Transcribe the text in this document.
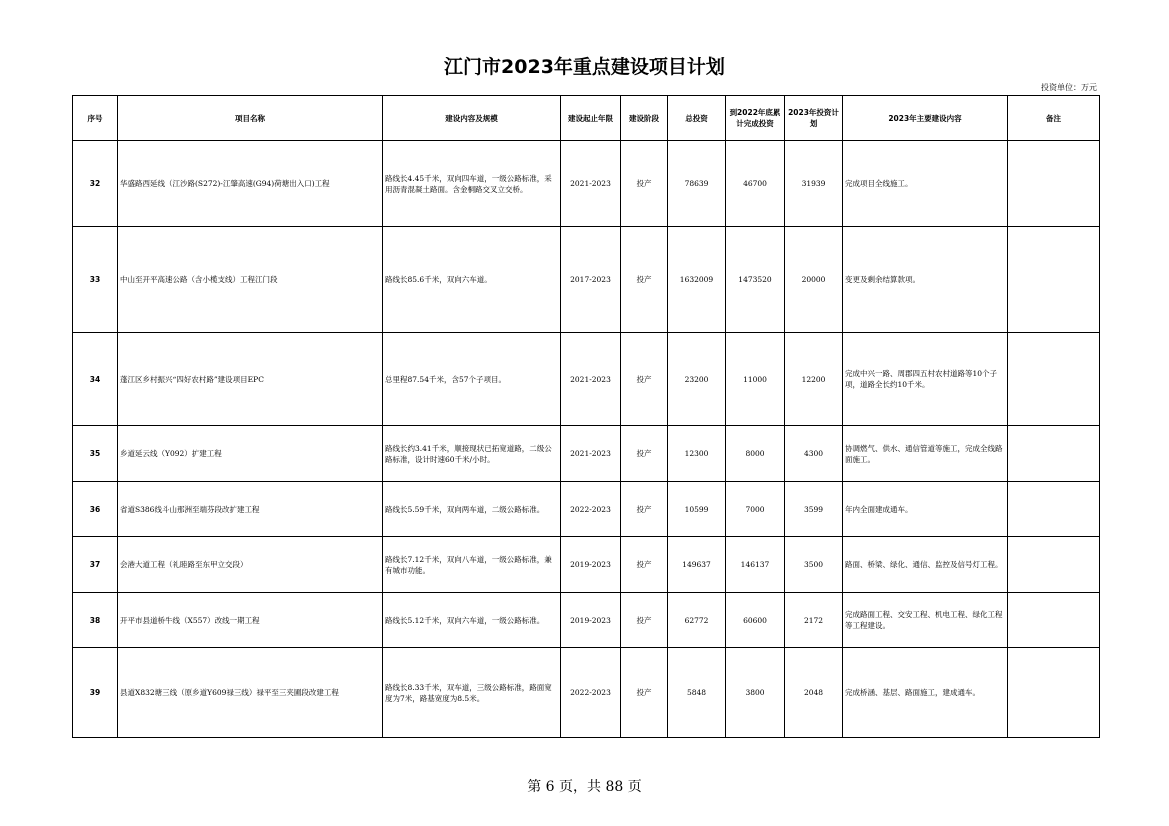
江门市2023年重点建设项目计划
投资单位：万元
序号	项目名称	建设内容及规模	建设起止年限	建设阶段	总投资	到2022年底累计完成投资	2023年投资计划	2023年主要建设内容	备注
32	华盛路西延线（江沙路(S272)-江肇高速(G94)荷塘出入口)工程	路线长4.45千米，双向四车道，一级公路标准，采用沥青混凝土路面。含金桐路交叉立交桥。	2021-2023	投产	78639	46700	31939	完成项目全线施工。	
33	中山至开平高速公路（含小榄支线）工程江门段	路线长85.6千米，双向六车道。	2017-2023	投产	1632009	1473520	20000	变更及剩余结算款项。	
34	蓬江区乡村振兴“四好农村路”建设项目EPC	总里程87.54千米，含57个子项目。	2021-2023	投产	23200	11000	12200	完成中兴一路、周郡四五村农村道路等10个子项，道路全长约10千米。	
35	乡道延云线（Y092）扩建工程	路线长约3.41千米，顺接现状已拓宽道路，二级公路标准，设计时速60千米/小时。	2021-2023	投产	12300	8000	4300	协调燃气、供水、通信管道等施工，完成全线路面施工。	
36	省道S386线斗山那洲至端芬段改扩建工程	路线长5.59千米，双向两车道，二级公路标准。	2022-2023	投产	10599	7000	3599	年内全面建成通车。	
37	会港大道工程（礼睦路至东甲立交段）	路线长7.12千米，双向八车道，一级公路标准，兼有城市功能。	2019-2023	投产	149637	146137	3500	路面、桥梁、绿化、通信、监控及信号灯工程。	
38	开平市县道桥牛线（X557）改线一期工程	路线长5.12千米，双向六车道，一级公路标准。	2019-2023	投产	62772	60600	2172	完成路面工程、交安工程、机电工程、绿化工程等工程建设。	
39	县道X832塘三线（原乡道Y609禄三线）禄平至三夹圃段改建工程	路线长8.33千米，双车道，三级公路标准，路面宽度为7米，路基宽度为8.5米。	2022-2023	投产	5848	3800	2048	完成桥涵、基层、路面施工，建成通车。	
第 6 页，共 88 页
